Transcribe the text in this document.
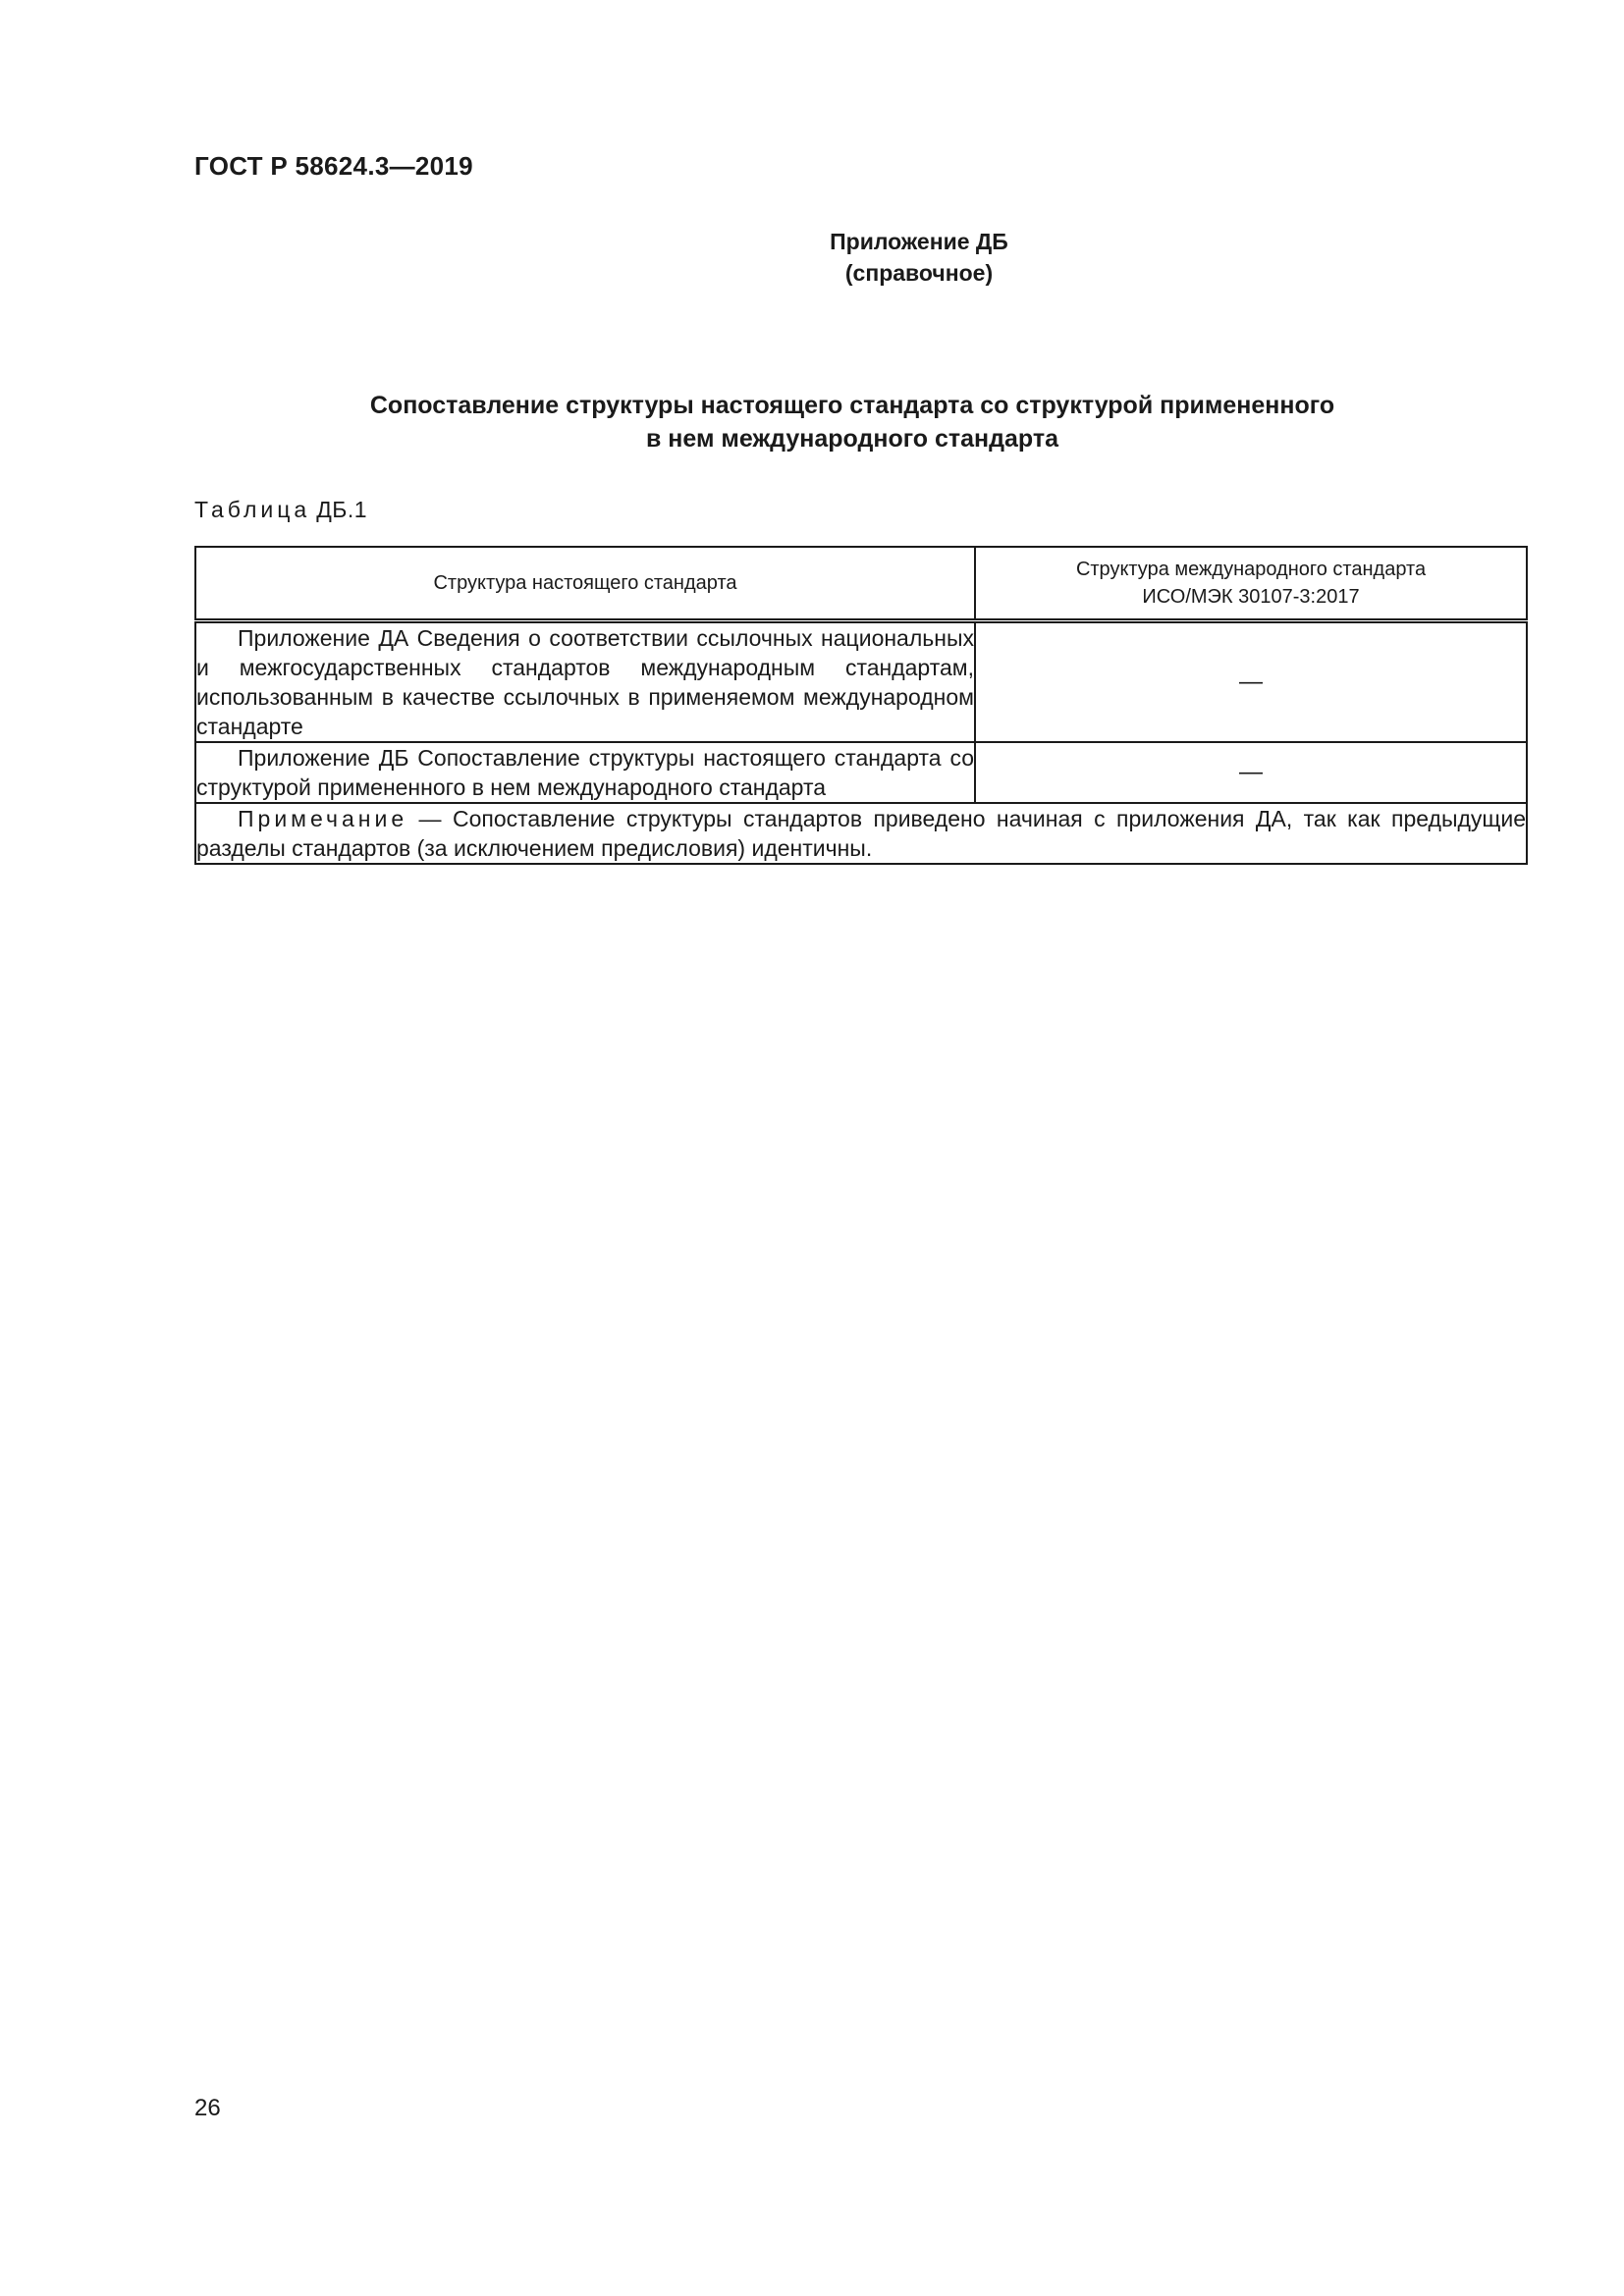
ГОСТ Р 58624.3—2019
Приложение ДБ
(справочное)
Сопоставление структуры настоящего стандарта со структурой примененного
в нем международного стандарта
Таблица ДБ.1
Структура настоящего стандарта	Структура международного стандарта
ИСО/МЭК 30107-3:2017

Приложение ДА Сведения о соответствии ссылочных национальных и межгосударственных стандартов международным стандартам, использованным в качестве ссылочных в применяемом международном стандарте	—
Приложение ДБ Сопоставление структуры настоящего стандарта со структурой примененного в нем международного стандарта	—
Примечание — Сопоставление структуры стандартов приведено начиная с приложения ДА, так как предыдущие разделы стандартов (за исключением предисловия) идентичны.	
26
